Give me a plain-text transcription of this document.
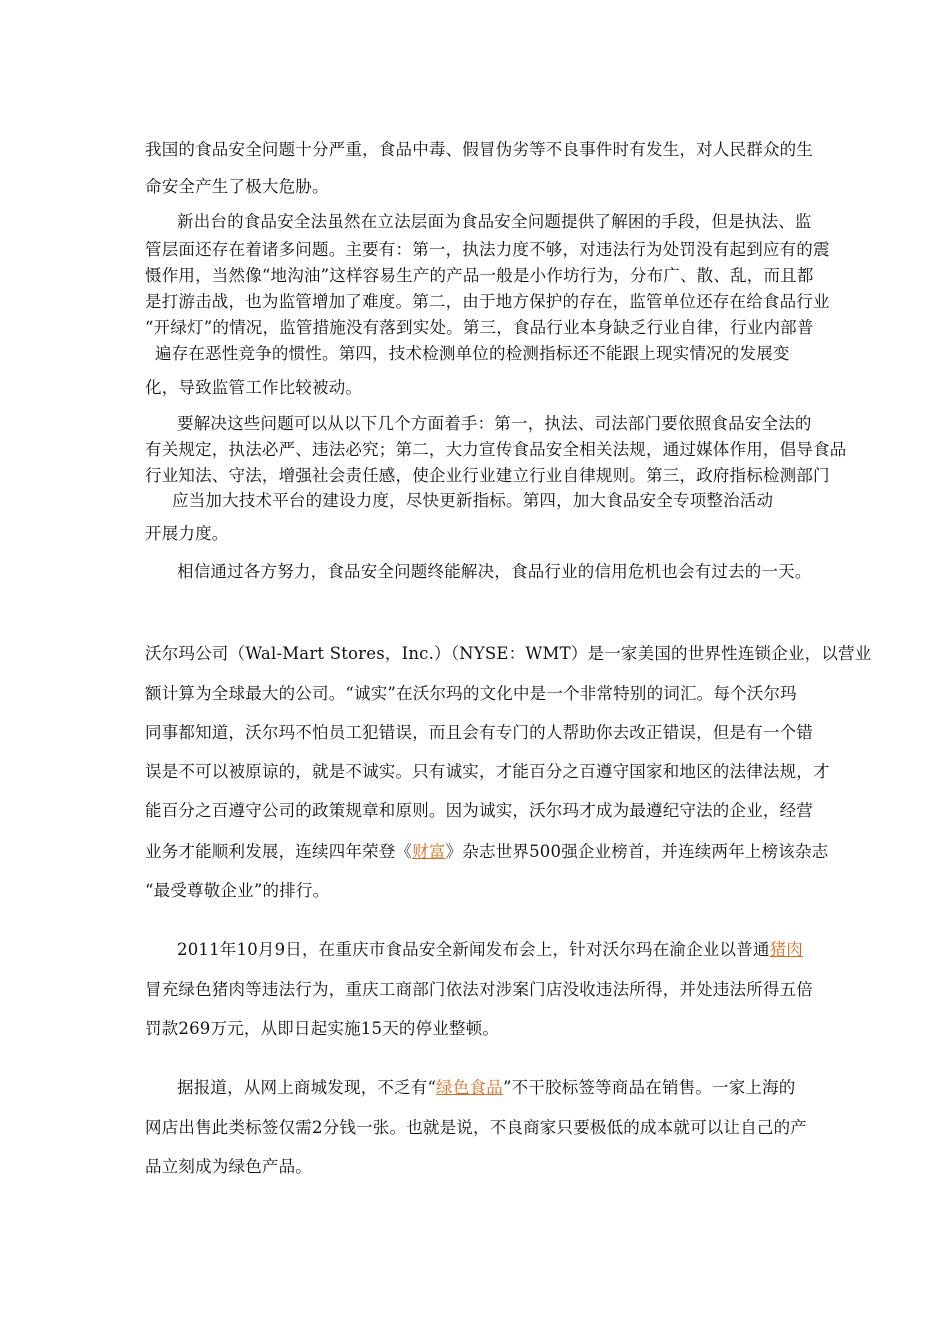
我国的食品安全问题十分严重，食品中毒、假冒伪劣等不良事件时有发生，对人民群众的生
命安全产生了极大危胁。
新出台的食品安全法虽然在立法层面为食品安全问题提供了解困的手段，但是执法、监
管层面还存在着诸多问题。主要有：第一，执法力度不够，对违法行为处罚没有起到应有的震
慑作用，当然像“地沟油”这样容易生产的产品一般是小作坊行为，分布广、散、乱，而且都
是打游击战，也为监管增加了难度。第二，由于地方保护的存在，监管单位还存在给食品行业
“开绿灯”的情况，监管措施没有落到实处。第三，食品行业本身缺乏行业自律，行业内部普
遍存在恶性竞争的惯性。第四，技术检测单位的检测指标还不能跟上现实情况的发展变
化，导致监管工作比较被动。
要解决这些问题可以从以下几个方面着手：第一，执法、司法部门要依照食品安全法的
有关规定，执法必严、违法必究；第二，大力宣传食品安全相关法规，通过媒体作用，倡导食品
行业知法、守法，增强社会责任感，使企业行业建立行业自律规则。第三，政府指标检测部门
应当加大技术平台的建设力度，尽快更新指标。第四，加大食品安全专项整治活动
开展力度。
相信通过各方努力，食品安全问题终能解决，食品行业的信用危机也会有过去的一天。
沃尔玛公司（Wal-Mart Stores，Inc.）（NYSE：WMT）是一家美国的世界性连锁企业，以营业
额计算为全球最大的公司。“诚实”在沃尔玛的文化中是一个非常特别的词汇。每个沃尔玛
同事都知道，沃尔玛不怕员工犯错误，而且会有专门的人帮助你去改正错误，但是有一个错
误是不可以被原谅的，就是不诚实。只有诚实，才能百分之百遵守国家和地区的法律法规，才
能百分之百遵守公司的政策规章和原则。因为诚实，沃尔玛才成为最遵纪守法的企业，经营
业务才能顺利发展，连续四年荣登《财富》杂志世界500强企业榜首，并连续两年上榜该杂志
“最受尊敬企业”的排行。
2011年10月9日，在重庆市食品安全新闻发布会上，针对沃尔玛在渝企业以普通猪肉
冒充绿色猪肉等违法行为，重庆工商部门依法对涉案门店没收违法所得，并处违法所得五倍
罚款269万元，从即日起实施15天的停业整顿。
据报道，从网上商城发现，不乏有“绿色食品”不干胶标签等商品在销售。一家上海的
网店出售此类标签仅需2分钱一张。也就是说，不良商家只要极低的成本就可以让自己的产
品立刻成为绿色产品。
